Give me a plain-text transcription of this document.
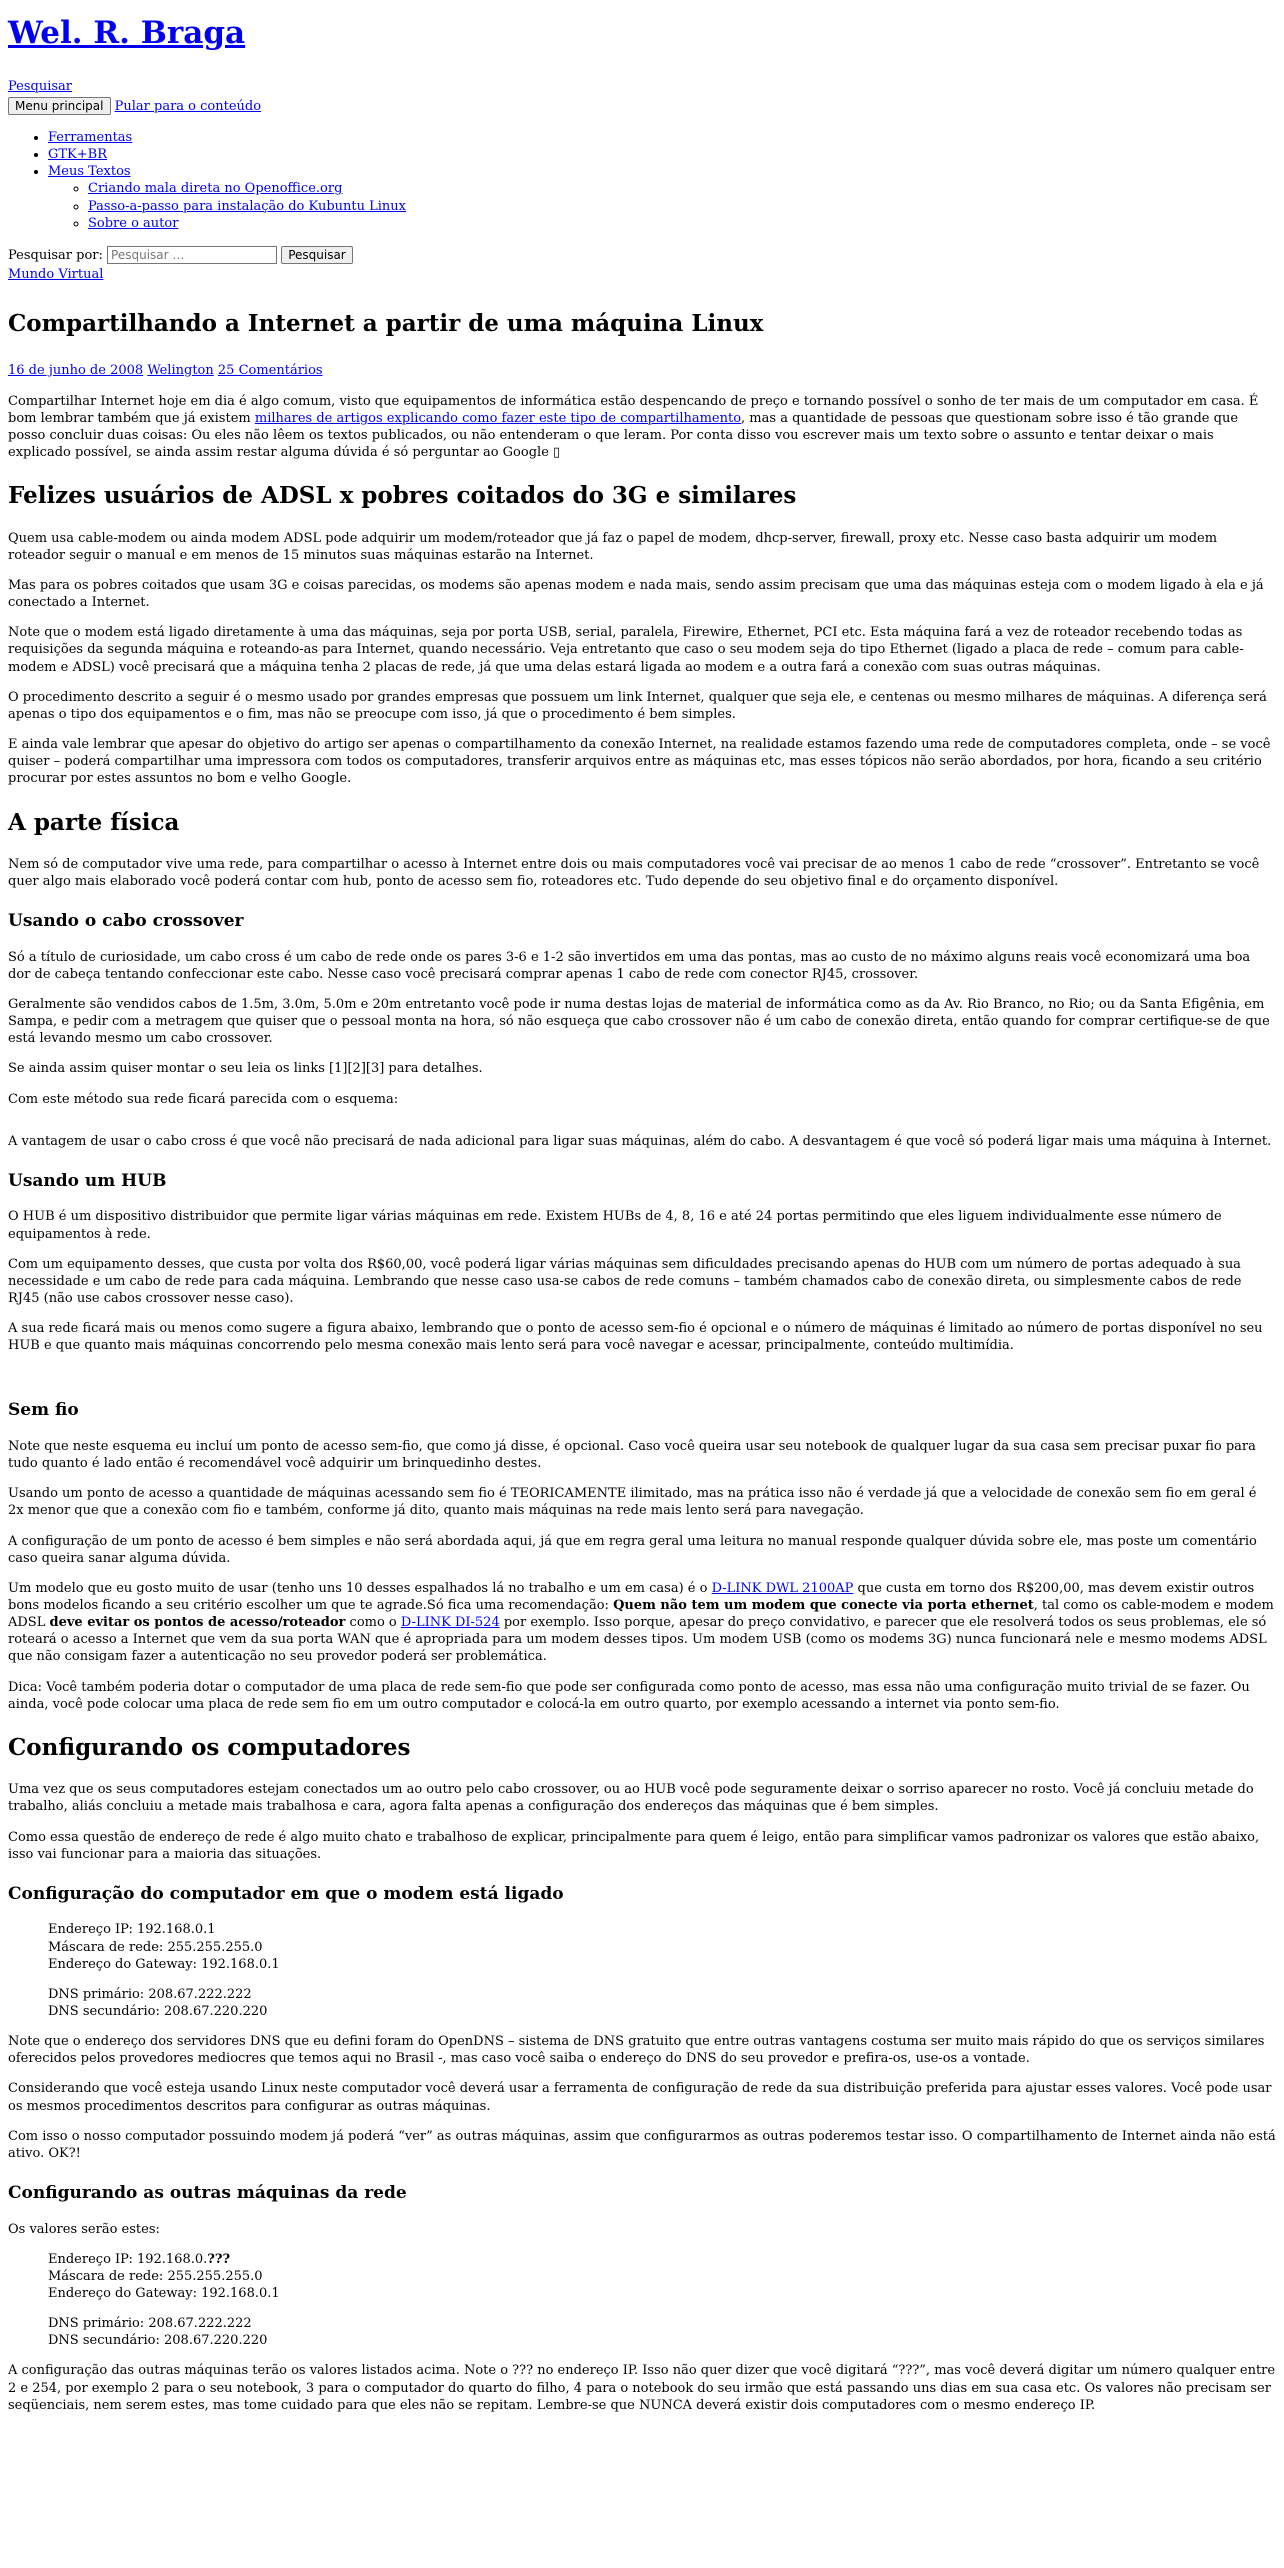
Wel. R. Braga
Pesquisar
Menu principal Pular para o conteúdo
• Ferramentas
• GTK+BR
• Meus Textos
◦ Criando mala direta no Openoffice.org
◦ Passo-a-passo para instalação do Kubuntu Linux
◦ Sobre o autor
Pesquisar por: Pesquisar …	Pesquisar
Mundo Virtual
Compartilhando a Internet a partir de uma máquina Linux
16 de junho de 2008 Welington 25 Comentários

Compartilhar Internet hoje em dia é algo comum, visto que equipamentos de informática estão despencando de preço e tornando possível o sonho de ter mais de um computador em casa. É bom lembrar também que já existem milhares de artigos explicando como fazer este tipo de compartilhamento, mas a quantidade de pessoas que questionam sobre isso é tão grande que posso concluir duas coisas: Ou eles não lêem os textos publicados, ou não entenderam o que leram. Por conta disso vou escrever mais um texto sobre o assunto e tentar deixar o mais explicado possível, se ainda assim restar alguma dúvida é só perguntar ao Google ▯

Felizes usuários de ADSL x pobres coitados do 3G e similares

Quem usa cable-modem ou ainda modem ADSL pode adquirir um modem/roteador que já faz o papel de modem, dhcp-server, firewall, proxy etc. Nesse caso basta adquirir um modem roteador seguir o manual e em menos de 15 minutos suas máquinas estarão na Internet.

Mas para os pobres coitados que usam 3G e coisas parecidas, os modems são apenas modem e nada mais, sendo assim precisam que uma das máquinas esteja com o modem ligado à ela e já conectado a Internet.

Note que o modem está ligado diretamente à uma das máquinas, seja por porta USB, serial, paralela, Firewire, Ethernet, PCI etc. Esta máquina fará a vez de roteador recebendo todas as requisições da segunda máquina e roteando-as para Internet, quando necessário. Veja entretanto que caso o seu modem seja do tipo Ethernet (ligado a placa de rede – comum para cable-modem e ADSL) você precisará que a máquina tenha 2 placas de rede, já que uma delas estará ligada ao modem e a outra fará a conexão com suas outras máquinas.

O procedimento descrito a seguir é o mesmo usado por grandes empresas que possuem um link Internet, qualquer que seja ele, e centenas ou mesmo milhares de máquinas. A diferença será apenas o tipo dos equipamentos e o fim, mas não se preocupe com isso, já que o procedimento é bem simples.

E ainda vale lembrar que apesar do objetivo do artigo ser apenas o compartilhamento da conexão Internet, na realidade estamos fazendo uma rede de computadores completa, onde – se você quiser – poderá compartilhar uma impressora com todos os computadores, transferir arquivos entre as máquinas etc, mas esses tópicos não serão abordados, por hora, ficando a seu critério procurar por estes assuntos no bom e velho Google.

A parte física

Nem só de computador vive uma rede, para compartilhar o acesso à Internet entre dois ou mais computadores você vai precisar de ao menos 1 cabo de rede “crossover”. Entretanto se você quer algo mais elaborado você poderá contar com hub, ponto de acesso sem fio, roteadores etc. Tudo depende do seu objetivo final e do orçamento disponível.

Usando o cabo crossover

Só a título de curiosidade, um cabo cross é um cabo de rede onde os pares 3-6 e 1-2 são invertidos em uma das pontas, mas ao custo de no máximo alguns reais você economizará uma boa dor de cabeça tentando confeccionar este cabo. Nesse caso você precisará comprar apenas 1 cabo de rede com conector RJ45, crossover.

Geralmente são vendidos cabos de 1.5m, 3.0m, 5.0m e 20m entretanto você pode ir numa destas lojas de material de informática como as da Av. Rio Branco, no Rio; ou da Santa Efigênia, em Sampa, e pedir com a metragem que quiser que o pessoal monta na hora, só não esqueça que cabo crossover não é um cabo de conexão direta, então quando for comprar certifique-se de que está levando mesmo um cabo crossover.

Se ainda assim quiser montar o seu leia os links [1][2][3] para detalhes.

Com este método sua rede ficará parecida com o esquema:

A vantagem de usar o cabo cross é que você não precisará de nada adicional para ligar suas máquinas, além do cabo. A desvantagem é que você só poderá ligar mais uma máquina à Internet.

Usando um HUB

O HUB é um dispositivo distribuidor que permite ligar várias máquinas em rede. Existem HUBs de 4, 8, 16 e até 24 portas permitindo que eles liguem individualmente esse número de equipamentos à rede.

Com um equipamento desses, que custa por volta dos R$60,00, você poderá ligar várias máquinas sem dificuldades precisando apenas do HUB com um número de portas adequado à sua necessidade e um cabo de rede para cada máquina. Lembrando que nesse caso usa-se cabos de rede comuns – também chamados cabo de conexão direta, ou simplesmente cabos de rede RJ45 (não use cabos crossover nesse caso).

A sua rede ficará mais ou menos como sugere a figura abaixo, lembrando que o ponto de acesso sem-fio é opcional e o número de máquinas é limitado ao número de portas disponível no seu HUB e que quanto mais máquinas concorrendo pelo mesma conexão mais lento será para você navegar e acessar, principalmente, conteúdo multimídia.

Sem fio

Note que neste esquema eu incluí um ponto de acesso sem-fio, que como já disse, é opcional. Caso você queira usar seu notebook de qualquer lugar da sua casa sem precisar puxar fio para tudo quanto é lado então é recomendável você adquirir um brinquedinho destes.

Usando um ponto de acesso a quantidade de máquinas acessando sem fio é TEORICAMENTE ilimitado, mas na prática isso não é verdade já que a velocidade de conexão sem fio em geral é 2x menor que que a conexão com fio e também, conforme já dito, quanto mais máquinas na rede mais lento será para navegação.

A configuração de um ponto de acesso é bem simples e não será abordada aqui, já que em regra geral uma leitura no manual responde qualquer dúvida sobre ele, mas poste um comentário caso queira sanar alguma dúvida.

Um modelo que eu gosto muito de usar (tenho uns 10 desses espalhados lá no trabalho e um em casa) é o D-LINK DWL 2100AP que custa em torno dos R$200,00, mas devem existir outros bons modelos ficando a seu critério escolher um que te agrade.Só fica uma recomendação: Quem não tem um modem que conecte via porta ethernet, tal como os cable-modem e modem ADSL deve evitar os pontos de acesso/roteador como o D-LINK DI-524 por exemplo. Isso porque, apesar do preço convidativo, e parecer que ele resolverá todos os seus problemas, ele só roteará o acesso a Internet que vem da sua porta WAN que é apropriada para um modem desses tipos. Um modem USB (como os modems 3G) nunca funcionará nele e mesmo modems ADSL que não consigam fazer a autenticação no seu provedor poderá ser problemática.

Dica: Você também poderia dotar o computador de uma placa de rede sem-fio que pode ser configurada como ponto de acesso, mas essa não uma configuração muito trivial de se fazer. Ou ainda, você pode colocar uma placa de rede sem fio em um outro computador e colocá-la em outro quarto, por exemplo acessando a internet via ponto sem-fio.

Configurando os computadores

Uma vez que os seus computadores estejam conectados um ao outro pelo cabo crossover, ou ao HUB você pode seguramente deixar o sorriso aparecer no rosto. Você já concluiu metade do trabalho, aliás concluiu a metade mais trabalhosa e cara, agora falta apenas a configuração dos endereços das máquinas que é bem simples.

Como essa questão de endereço de rede é algo muito chato e trabalhoso de explicar, principalmente para quem é leigo, então para simplificar vamos padronizar os valores que estão abaixo, isso vai funcionar para a maioria das situações.

Configuração do computador em que o modem está ligado

Endereço IP: 192.168.0.1
Máscara de rede: 255.255.255.0
Endereço do Gateway: 192.168.0.1

DNS primário: 208.67.222.222
DNS secundário: 208.67.220.220

Note que o endereço dos servidores DNS que eu defini foram do OpenDNS – sistema de DNS gratuito que entre outras vantagens costuma ser muito mais rápido do que os serviços similares oferecidos pelos provedores mediocres que temos aqui no Brasil -, mas caso você saiba o endereço do DNS do seu provedor e prefira-os, use-os a vontade.

Considerando que você esteja usando Linux neste computador você deverá usar a ferramenta de configuração de rede da sua distribuição preferida para ajustar esses valores. Você pode usar os mesmos procedimentos descritos para configurar as outras máquinas.

Com isso o nosso computador possuindo modem já poderá “ver” as outras máquinas, assim que configurarmos as outras poderemos testar isso. O compartilhamento de Internet ainda não está ativo. OK?!

Configurando as outras máquinas da rede

Os valores serão estes:

Endereço IP: 192.168.0.???
Máscara de rede: 255.255.255.0
Endereço do Gateway: 192.168.0.1

DNS primário: 208.67.222.222
DNS secundário: 208.67.220.220

A configuração das outras máquinas terão os valores listados acima. Note o ??? no endereço IP. Isso não quer dizer que você digitará “???”, mas você deverá digitar um número qualquer entre 2 e 254, por exemplo 2 para o seu notebook, 3 para o computador do quarto do filho, 4 para o notebook do seu irmão que está passando uns dias em sua casa etc. Os valores não precisam ser seqüenciais, nem serem estes, mas tome cuidado para que eles não se repitam. Lembre-se que NUNCA deverá existir dois computadores com o mesmo endereço IP.
